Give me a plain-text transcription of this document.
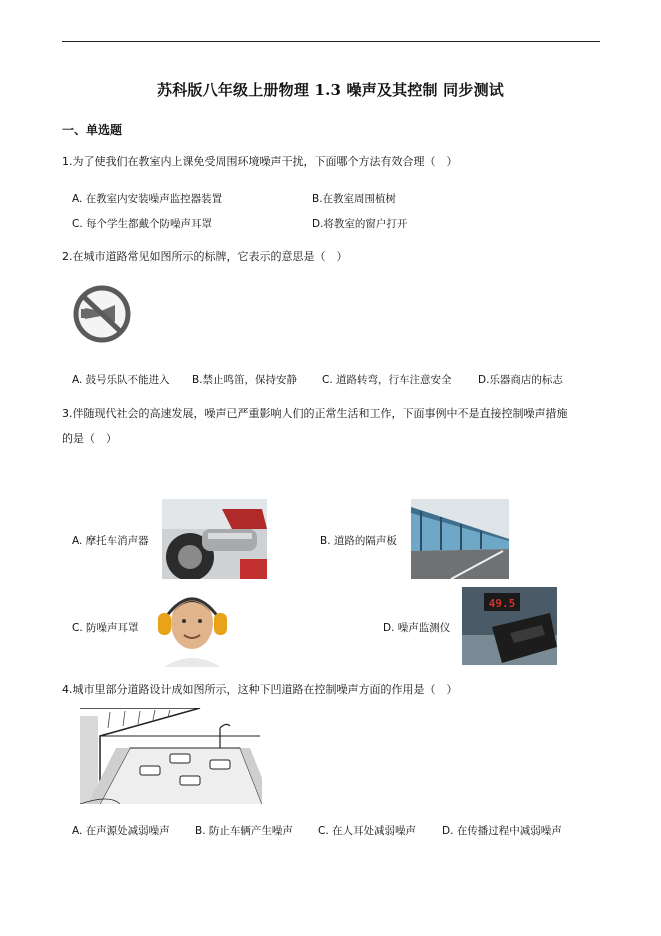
苏科版八年级上册物理 1.3 噪声及其控制 同步测试
一、单选题
1.为了使我们在教室内上课免受周围环境噪声干扰，下面哪个方法有效合理（　）
A. 在教室内安装噪声监控器装置	B.在教室周围植树
C. 每个学生都戴个防噪声耳罩	D.将教室的窗户打开
2.在城市道路常见如图所示的标牌，它表示的意思是（　）
A. 鼓号乐队不能进入 B.禁止鸣笛，保持安静 C. 道路转弯，行车注意安全	D.乐器商店的标志
3.伴随现代社会的高速发展，噪声已严重影响人们的正常生活和工作，下面事例中不是直接控制噪声措施
的是（　）
A. 摩托车消声器	B. 道路的隔声板
C. 防噪声耳罩	D. 噪声监测仪
49.5
4.城市里部分道路设计成如图所示，这种下凹道路在控制噪声方面的作用是（　）
A. 在声源处减弱噪声 B. 防止车辆产生噪声 C. 在人耳处减弱噪声 D. 在传播过程中减弱噪声
